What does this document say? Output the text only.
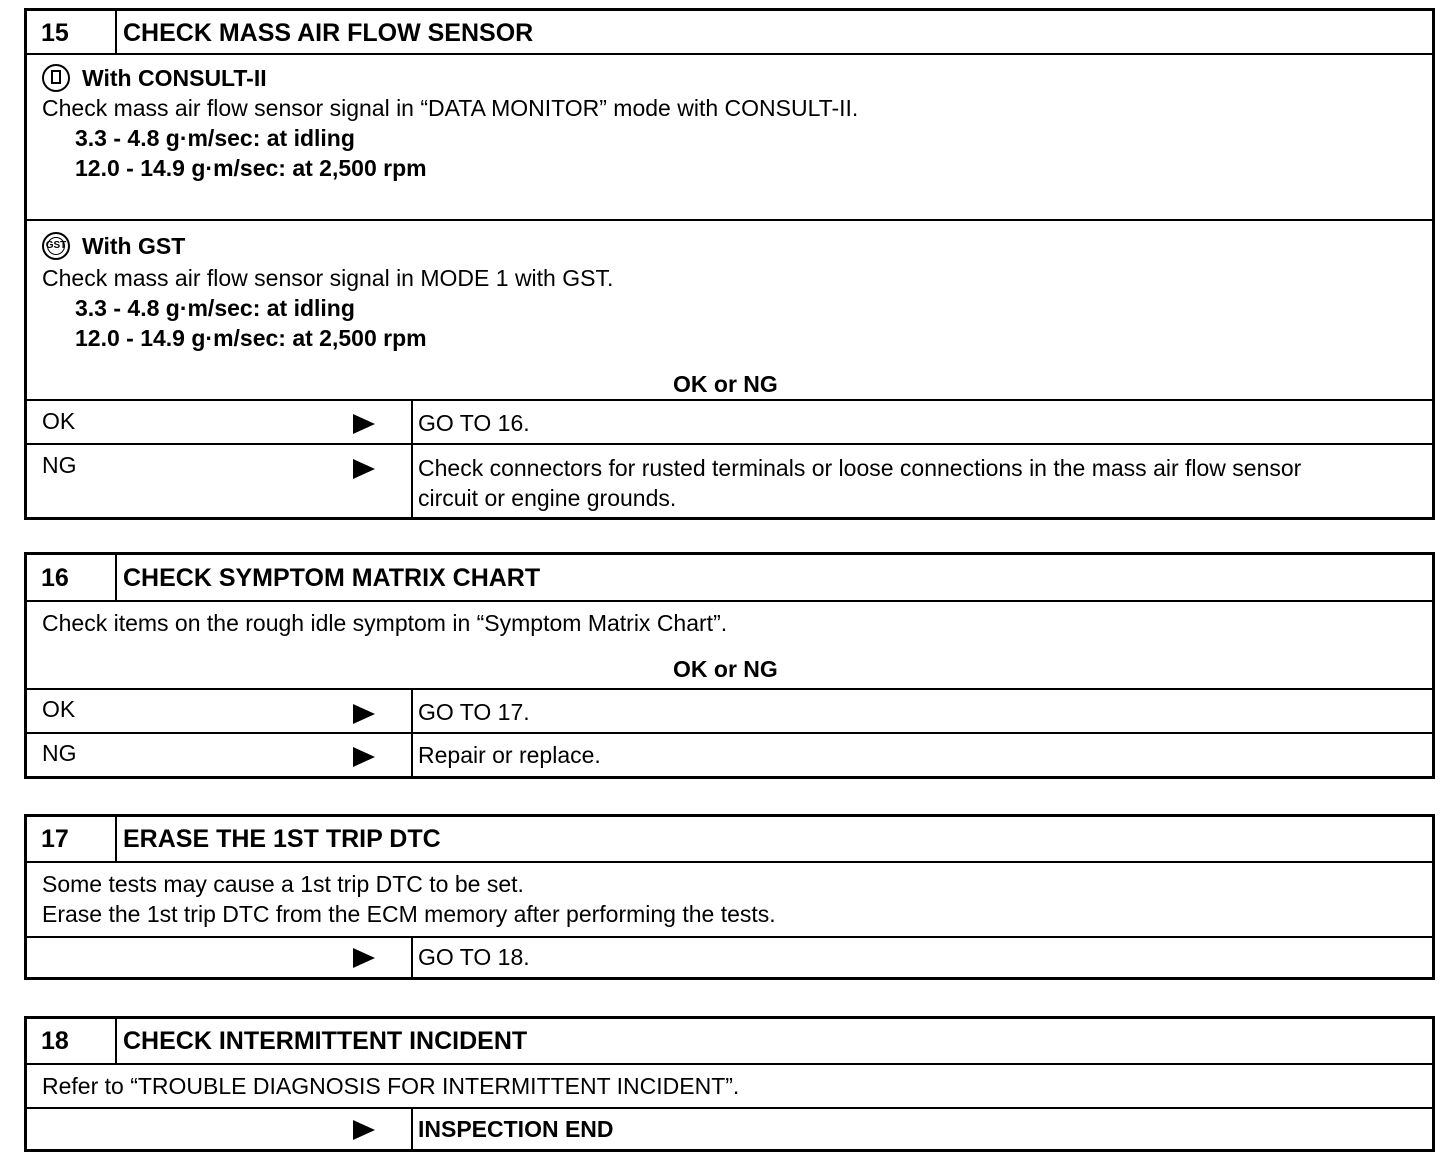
15 CHECK MASS AIR FLOW SENSOR
With CONSULT-II
Check mass air flow sensor signal in “DATA MONITOR” mode with CONSULT-II.
3.3 - 4.8 g·m/sec: at idling
12.0 - 14.9 g·m/sec: at 2,500 rpm
GST With GST
Check mass air flow sensor signal in MODE 1 with GST.
3.3 - 4.8 g·m/sec: at idling
12.0 - 14.9 g·m/sec: at 2,500 rpm
OK or NG
OK	GO TO 16.
NG	Check connectors for rusted terminals or loose connections in the mass air flow sensor
circuit or engine grounds.
16 CHECK SYMPTOM MATRIX CHART
Check items on the rough idle symptom in “Symptom Matrix Chart”.
OK or NG
OK	GO TO 17.
NG	Repair or replace.
17 ERASE THE 1ST TRIP DTC
Some tests may cause a 1st trip DTC to be set.
Erase the 1st trip DTC from the ECM memory after performing the tests.
GO TO 18.
18 CHECK INTERMITTENT INCIDENT
Refer to “TROUBLE DIAGNOSIS FOR INTERMITTENT INCIDENT”.
INSPECTION END
